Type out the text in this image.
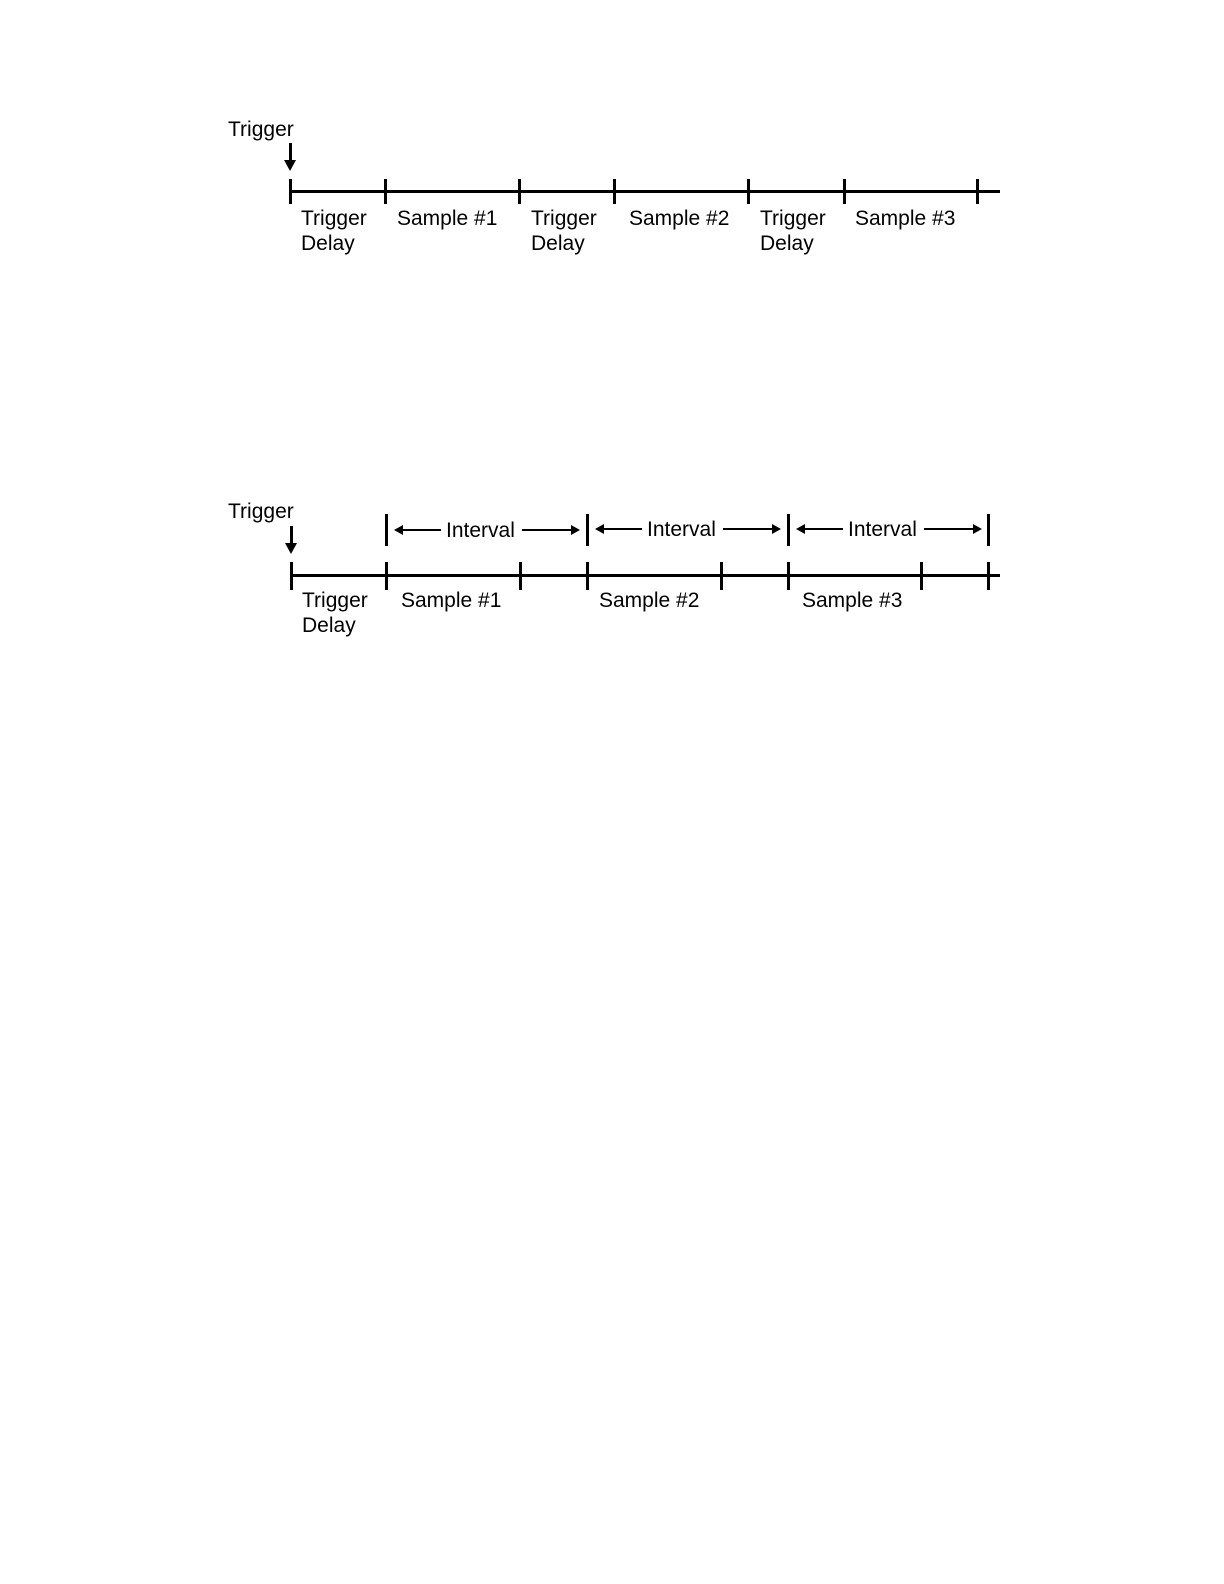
Trigger
Trigger
Delay
Sample #1 Trigger
Delay
Sample #2 Trigger
Delay
Sample #3
Trigger
Interval	Interval	Interval
Trigger
Delay
Sample #1	Sample #2	Sample #3
